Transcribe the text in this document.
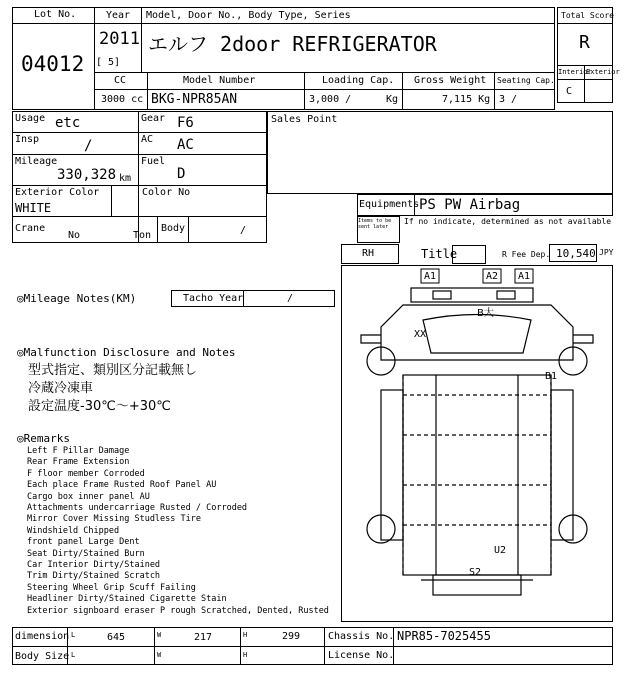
Lot No.
04012
Year Model, Door No., Body Type, Series
2011
[ 5]
エルフ 2door REFRIGERATOR
CC	Model Number	Loading Cap. Gross Weight Seating Cap.
3000 cc BKG-NPR85AN	3,000 /	Kg	7,115 Kg 3 /
Total Score
R
Interior
Exterior
C
Usage etc	Gear F6
Insp	/	AC AC
Mileage
330,328 km
Fuel
D
Exterior Color
WHITE
Color No
Crane
No	Ton
Body	/
Sales Point
Equipments PS PW Airbag
Items to be sent later
If no indicate, determined as not available
RH	Title	R Fee Dep. 10,540 JPY
◎Mileage Notes(KM)	Tacho Year	/
◎Malfunction Disclosure and Notes
型式指定、類別区分記載無し
冷蔵冷凍車
設定温度-30℃～+30℃
◎Remarks
Left F Pillar Damage
Rear Frame Extension
F floor member Corroded
Each place Frame Rusted Roof Panel AU
Cargo box inner panel AU
Attachments undercarriage Rusted / Corroded
Mirror Cover Missing Studless Tire
Windshield Chipped
front panel Large Dent
Seat Dirty/Stained Burn
Car Interior Dirty/Stained
Trim Dirty/Stained Scratch
Steering Wheel Grip Scuff Failing
Headliner Dirty/Stained Cigarette Stain
Exterior signboard eraser P rough Scratched, Dented, Rusted
A1	A2 A1
B大
XX
B1
U2
S2
dimension L	645	W	217	H	299	Chassis No. NPR85-7025455
Body Size L	W	H	License No.
